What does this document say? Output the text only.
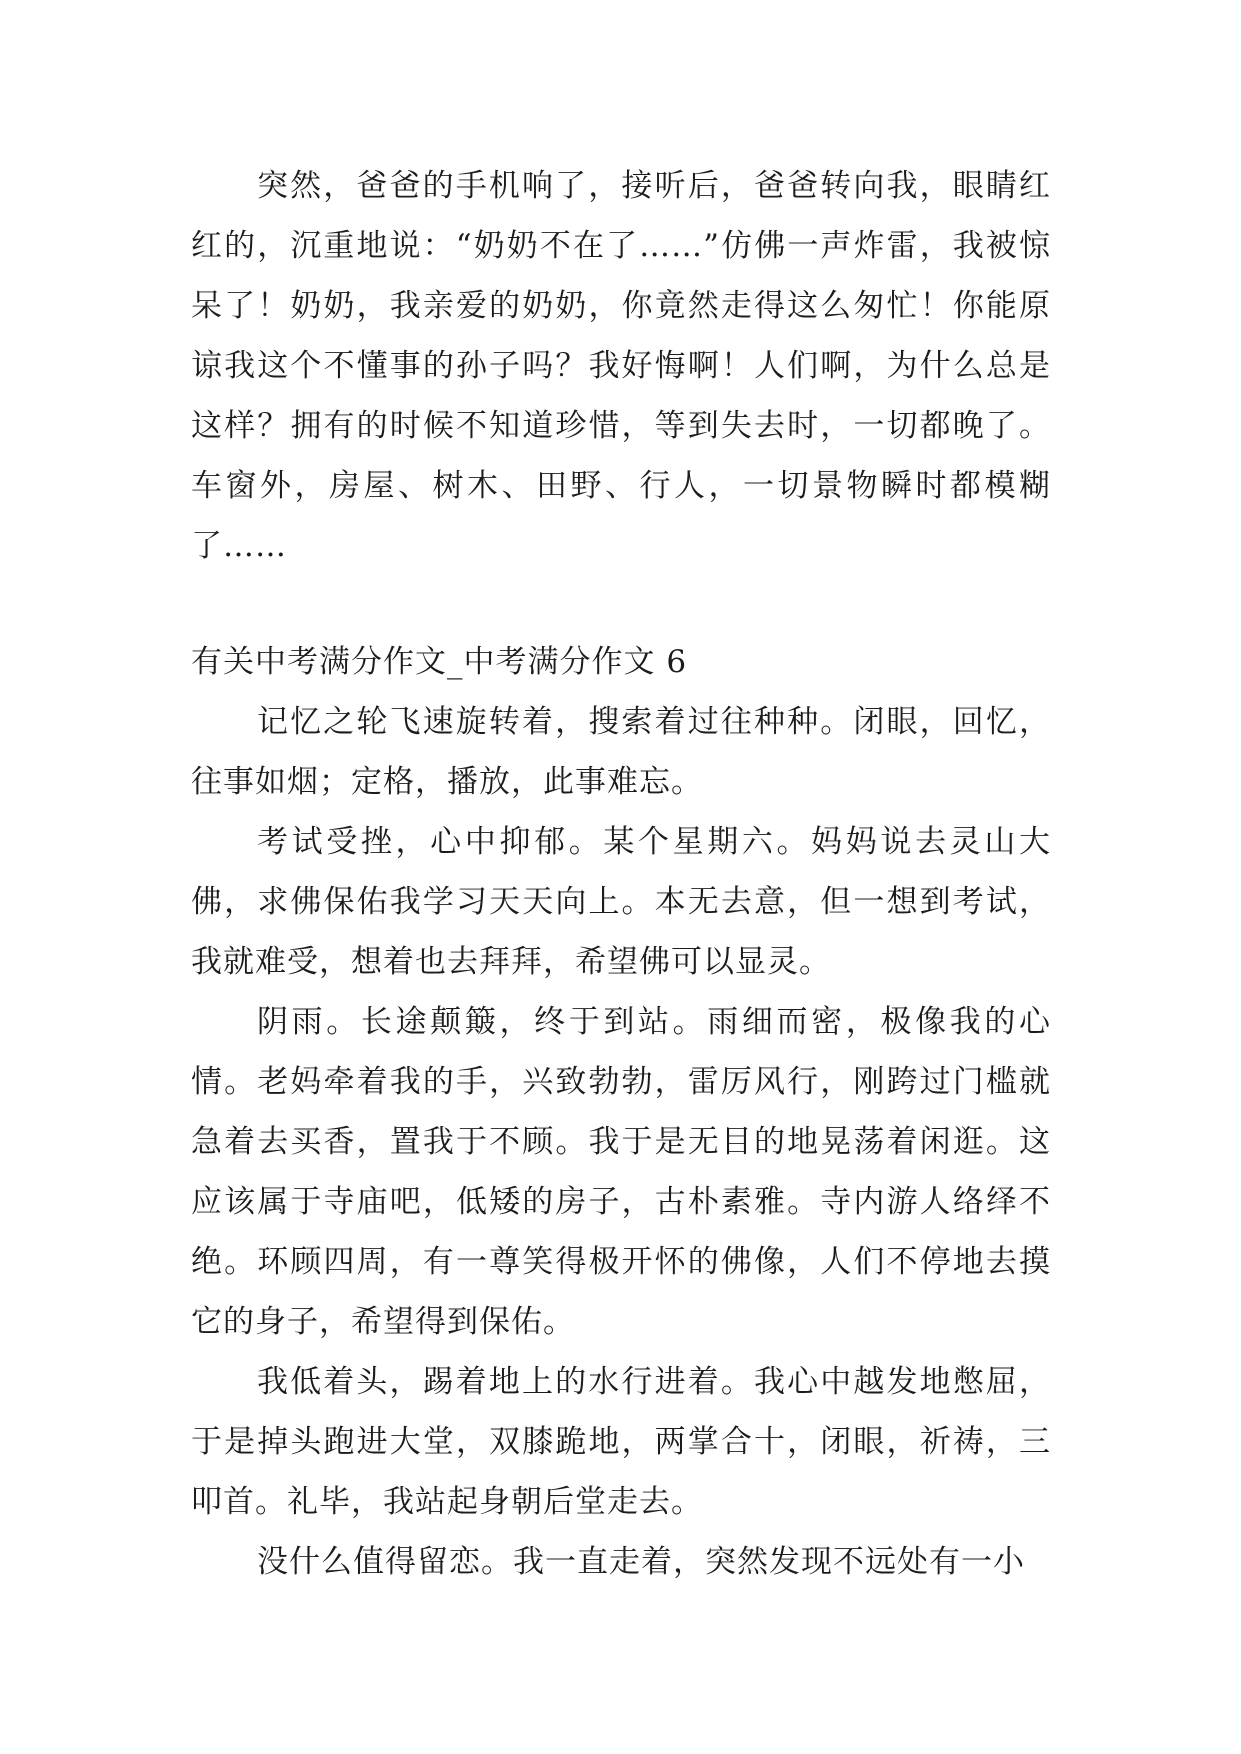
突然，爸爸的手机响了，接听后，爸爸转向我，眼睛红红的，沉重地说：“奶奶不在了……”仿佛一声炸雷，我被惊呆了！奶奶，我亲爱的奶奶，你竟然走得这么匆忙！你能原谅我这个不懂事的孙子吗？我好悔啊！人们啊，为什么总是这样？拥有的时候不知道珍惜，等到失去时，一切都晚了。车窗外，房屋、树木、田野、行人，一切景物瞬时都模糊了……

有关中考满分作文_中考满分作文 6

记忆之轮飞速旋转着，搜索着过往种种。闭眼，回忆，往事如烟；定格，播放，此事难忘。

考试受挫，心中抑郁。某个星期六。妈妈说去灵山大佛，求佛保佑我学习天天向上。本无去意，但一想到考试，我就难受，想着也去拜拜，希望佛可以显灵。

阴雨。长途颠簸，终于到站。雨细而密，极像我的心情。老妈牵着我的手，兴致勃勃，雷厉风行，刚跨过门槛就急着去买香，置我于不顾。我于是无目的地晃荡着闲逛。这应该属于寺庙吧，低矮的房子，古朴素雅。寺内游人络绎不绝。环顾四周，有一尊笑得极开怀的佛像，人们不停地去摸它的身子，希望得到保佑。

我低着头，踢着地上的水行进着。我心中越发地憋屈，于是掉头跑进大堂，双膝跪地，两掌合十，闭眼，祈祷，三叩首。礼毕，我站起身朝后堂走去。

没什么值得留恋。我一直走着，突然发现不远处有一小
